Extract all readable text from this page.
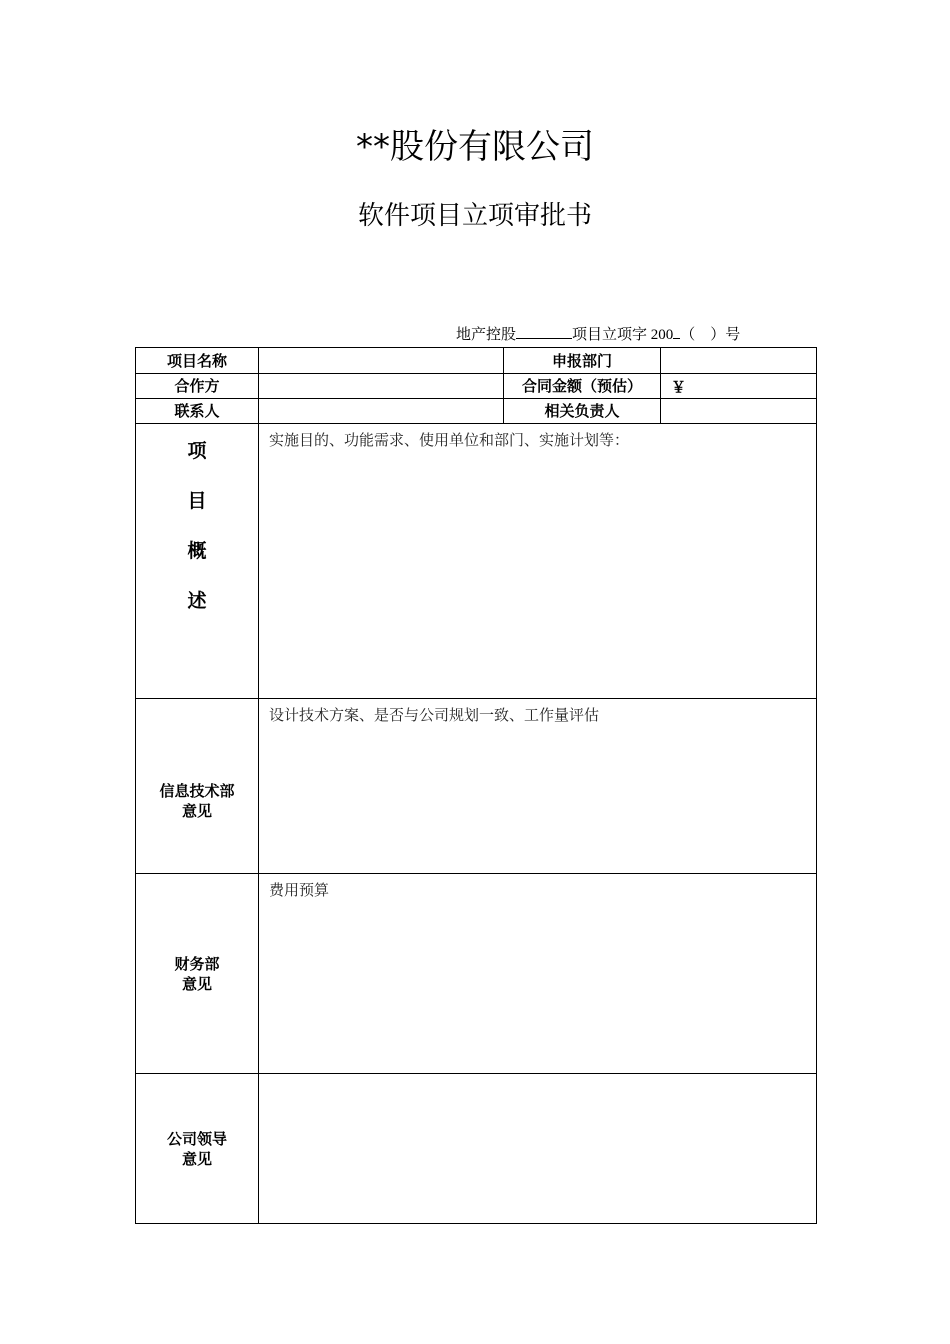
**股份有限公司
软件项目立项审批书
地产控股	项目立项字 200 （　）号
项目名称		申报部门	
合作方		合同金额（预估）	￥
联系人		相关负责人	

项
目
概
述	实施目的、功能需求、使用单位和部门、实施计划等：		

信息技术部
意见	设计技术方案、是否与公司规划一致、工作量评估		

财务部
意见	费用预算		

公司领导
意见			
